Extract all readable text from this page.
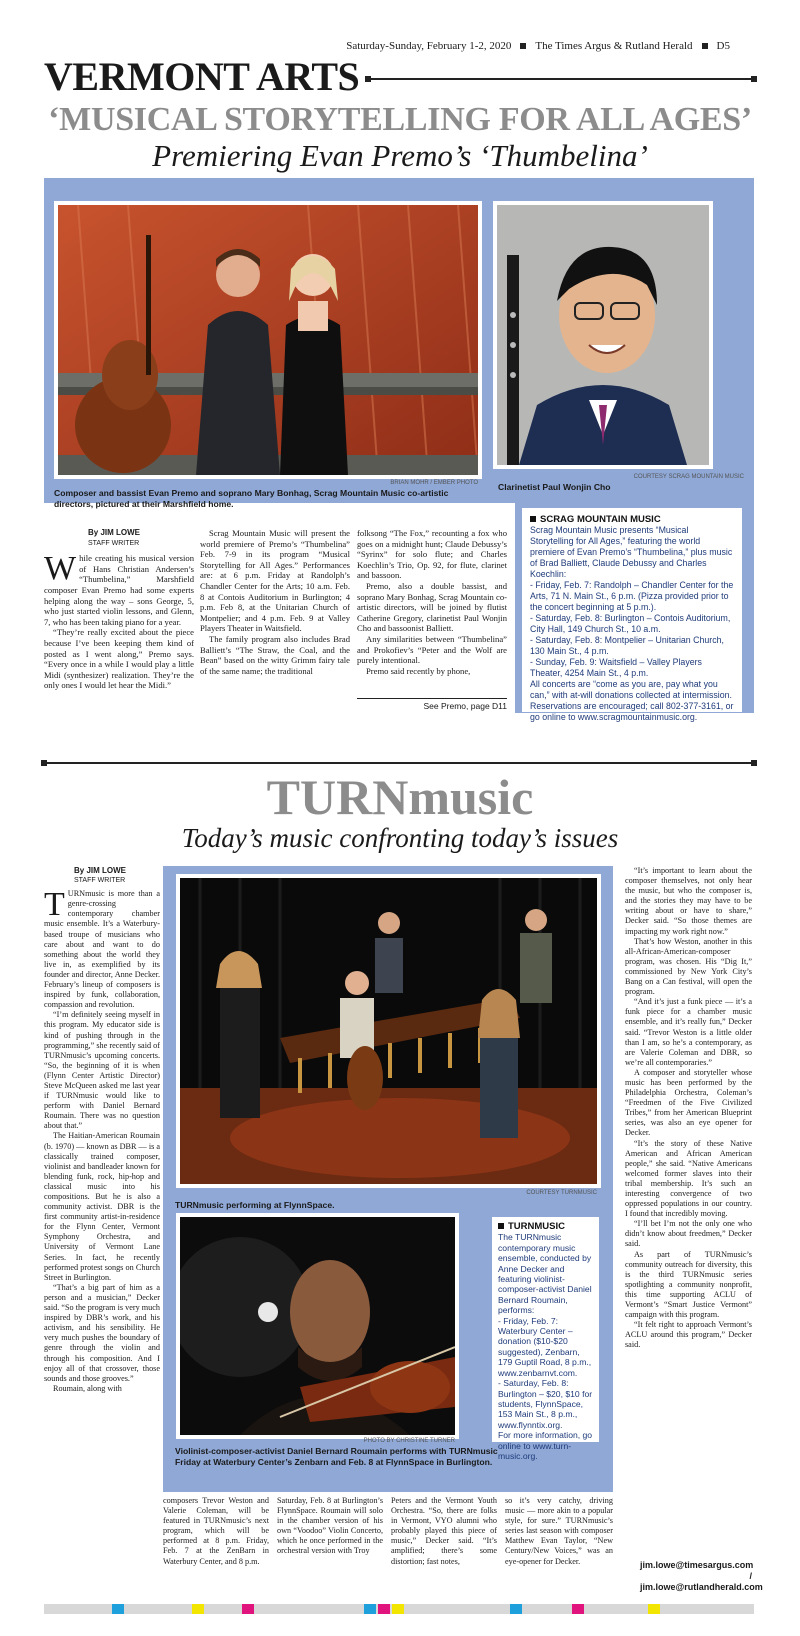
Saturday-Sunday, February 1-2, 2020 The Times Argus & Rutland Herald D5
VERMONT ARTS
‘MUSICAL STORYTELLING FOR ALL AGES’
Premiering Evan Premo’s ‘Thumbelina’
BRIAN MOHR / EMBER PHOTO
Composer and bassist Evan Premo and soprano Mary Bonhag, Scrag Mountain Music co-artistic directors, pictured at their Marshfield home.
COURTESY SCRAG MOUNTAIN MUSIC
Clarinetist Paul Wonjin Cho
By JIM LOWE
STAFF WRITER
W hile creating his musical version of Hans Christian Andersen’s “Thumbelina,” Marshfield composer Evan Premo had some experts helping along the way – sons George, 5, who just started violin lessons, and Glenn, 7, who has been taking piano for a year.

“They’re really excited about the piece because I’ve been keeping them kind of posted as I went along,” Premo says. “Every once in a while I would play a little Midi (synthesizer) realization. They’re the only ones I would let hear the Midi.”

Scrag Mountain Music will present the world premiere of Premo’s “Thumbelina” Feb. 7-9 in its program “Musical Storytelling for All Ages.” Performances are: at 6 p.m. Friday at Randolph’s Chandler Center for the Arts; 10 a.m. Feb. 8 at Contois Auditorium in Burlington; 4 p.m. Feb 8, at the Unitarian Church of Montpelier; and 4 p.m. Feb. 9 at Valley Players Theater in Waitsfield.

The family program also includes Brad Balliett’s “The Straw, the Coal, and the Bean” based on the witty Grimm fairy tale of the same name; the traditional

folksong “The Fox,” recounting a fox who goes on a midnight hunt; Claude Debussy’s “Syrinx” for solo flute; and Charles Koechlin’s Trio, Op. 92, for flute, clarinet and bassoon.

Premo, also a double bassist, and soprano Mary Bonhag, Scrag Mountain co-artistic directors, will be joined by flutist Catherine Gregory, clarinetist Paul Wonjin Cho and bassoonist Balliett.

Any similarities between “Thumbelina” and Prokofiev’s “Peter and the Wolf are purely intentional.

Premo said recently by phone,

See Premo, page D11
SCRAG MOUNTAIN MUSIC
Scrag Mountain Music presents “Musical Storytelling for All Ages,” featuring the world premiere of Evan Premo’s “Thumbelina,” plus music of Brad Balliett, Claude Debussy and Charles Koechlin:
- Friday, Feb. 7: Randolph – Chandler Center for the Arts, 71 N. Main St., 6 p.m. (Pizza provided prior to the concert beginning at 5 p.m.).
- Saturday, Feb. 8: Burlington – Contois Auditorium, City Hall, 149 Church St., 10 a.m.
- Saturday, Feb. 8: Montpelier – Unitarian Church, 130 Main St., 4 p.m.
- Sunday, Feb. 9: Waitsfield – Valley Players Theater, 4254 Main St., 4 p.m.
All concerts are “come as you are, pay what you can,” with at-will donations collected at intermission. Reservations are encouraged; call 802-377-3161, or go online to www.scragmountainmusic.org.
TURNmusic
Today’s music confronting today’s issues
By JIM LOWE
STAFF WRITER
T URNmusic is more than a genre-crossing contemporary chamber music ensemble. It’s a Waterbury-based troupe of musicians who care about and want to do something about the world they live in, as exemplified by its founder and director, Anne Decker. February’s lineup of composers is inspired by funk, collaboration, compassion and revolution.

“I’m definitely seeing myself in this program. My educator side is kind of pushing through in the programming,” she recently said of TURNmusic’s upcoming concerts. “So, the beginning of it is when (Flynn Center Artistic Director) Steve McQueen asked me last year if TURNmusic would like to perform with Daniel Bernard Roumain. There was no question about that.”

The Haitian-American Roumain (b. 1970) — known as DBR — is a classically trained composer, violinist and bandleader known for blending funk, rock, hip-hop and classical music into his compositions. But he is also a community activist. DBR is the first community artist-in-residence for the Flynn Center, Vermont Symphony Orchestra, and University of Vermont Lane Series. In fact, he recently performed protest songs on Church Street in Burlington.

“That’s a big part of him as a person and a musician,” Decker said. “So the program is very much inspired by DBR’s work, and his activism, and his sensibility. He very much pushes the boundary of genre through the violin and through his composition. And I enjoy all of that crossover, those sounds and those grooves.”

Roumain, along with

COURTESY TURNMUSIC
TURNmusic performing at FlynnSpace.
PHOTO BY CHRISTINE TURNER
Violinist-composer-activist Daniel Bernard Roumain performs with TURNmusic Friday at Waterbury Center’s Zenbarn and Feb. 8 at FlynnSpace in Burlington.
TURNMUSIC
The TURNmusic contemporary music ensemble, conducted by Anne Decker and featuring violinist-composer-activist Daniel Bernard Roumain, performs:
- Friday, Feb. 7: Waterbury Center – donation ($10-$20 suggested), Zenbarn, 179 Guptil Road, 8 p.m., www.zenbarnvt.com.
- Saturday, Feb. 8: Burlington – $20, $10 for students, FlynnSpace, 153 Main St., 8 p.m., www.flynntix.org.
For more information, go online to www.turn-music.org.

composers Trevor Weston and Valerie Coleman, will be featured in TURNmusic’s next program, which will be performed at 8 p.m. Friday, Feb. 7 at the ZenBarn in Waterbury Center, and 8 p.m.

Saturday, Feb. 8 at Burlington’s FlynnSpace. Roumain will solo in the chamber version of his own “Voodoo” Violin Concerto, which he once performed in the orchestral version with Troy

Peters and the Vermont Youth Orchestra. “So, there are folks in Vermont, VYO alumni who probably played this piece of music,” Decker said. “It’s amplified; there’s some distortion; fast notes,

so it’s very catchy, driving music — more akin to a popular style, for sure.” TURNmusic’s series last season with composer Matthew Evan Taylor, “New Century/New Voices,” was an eye-opener for Decker.

“It’s important to learn about the composer themselves, not only hear the music, but who the composer is, and the stories they may have to be writing about or have to share,” Decker said. “So those themes are impacting my work right now.”

That’s how Weston, another in this all-African-American-composer program, was chosen. His “Dig It,” commissioned by New York City’s Bang on a Can festival, will open the program.

“And it’s just a funk piece — it’s a funk piece for a chamber music ensemble, and it’s really fun,” Decker said. “Trevor Weston is a little older than I am, so he’s a contemporary, as are Valerie Coleman and DBR, so we’re all contemporaries.”

A composer and storyteller whose music has been performed by the Philadelphia Orchestra, Coleman’s “Freedmen of the Five Civilized Tribes,” from her American Blueprint series, was also an eye opener for Decker.

“It’s the story of these Native American and African American people,” she said. “Native Americans welcomed former slaves into their tribal membership. It’s such an interesting convergence of two oppressed populations in our country. I found that incredibly moving.

“I’ll bet I’m not the only one who didn’t know about freedmen,” Decker said.

As part of TURNmusic’s community outreach for diversity, this is the third TURNmusic series spotlighting a community nonprofit, this time supporting ACLU of Vermont’s “Smart Justice Vermont” campaign with this program.

“It felt right to approach Vermont’s ACLU around this program,” Decker said.

jim.lowe@timesargus.com / jim.lowe@rutlandherald.com
